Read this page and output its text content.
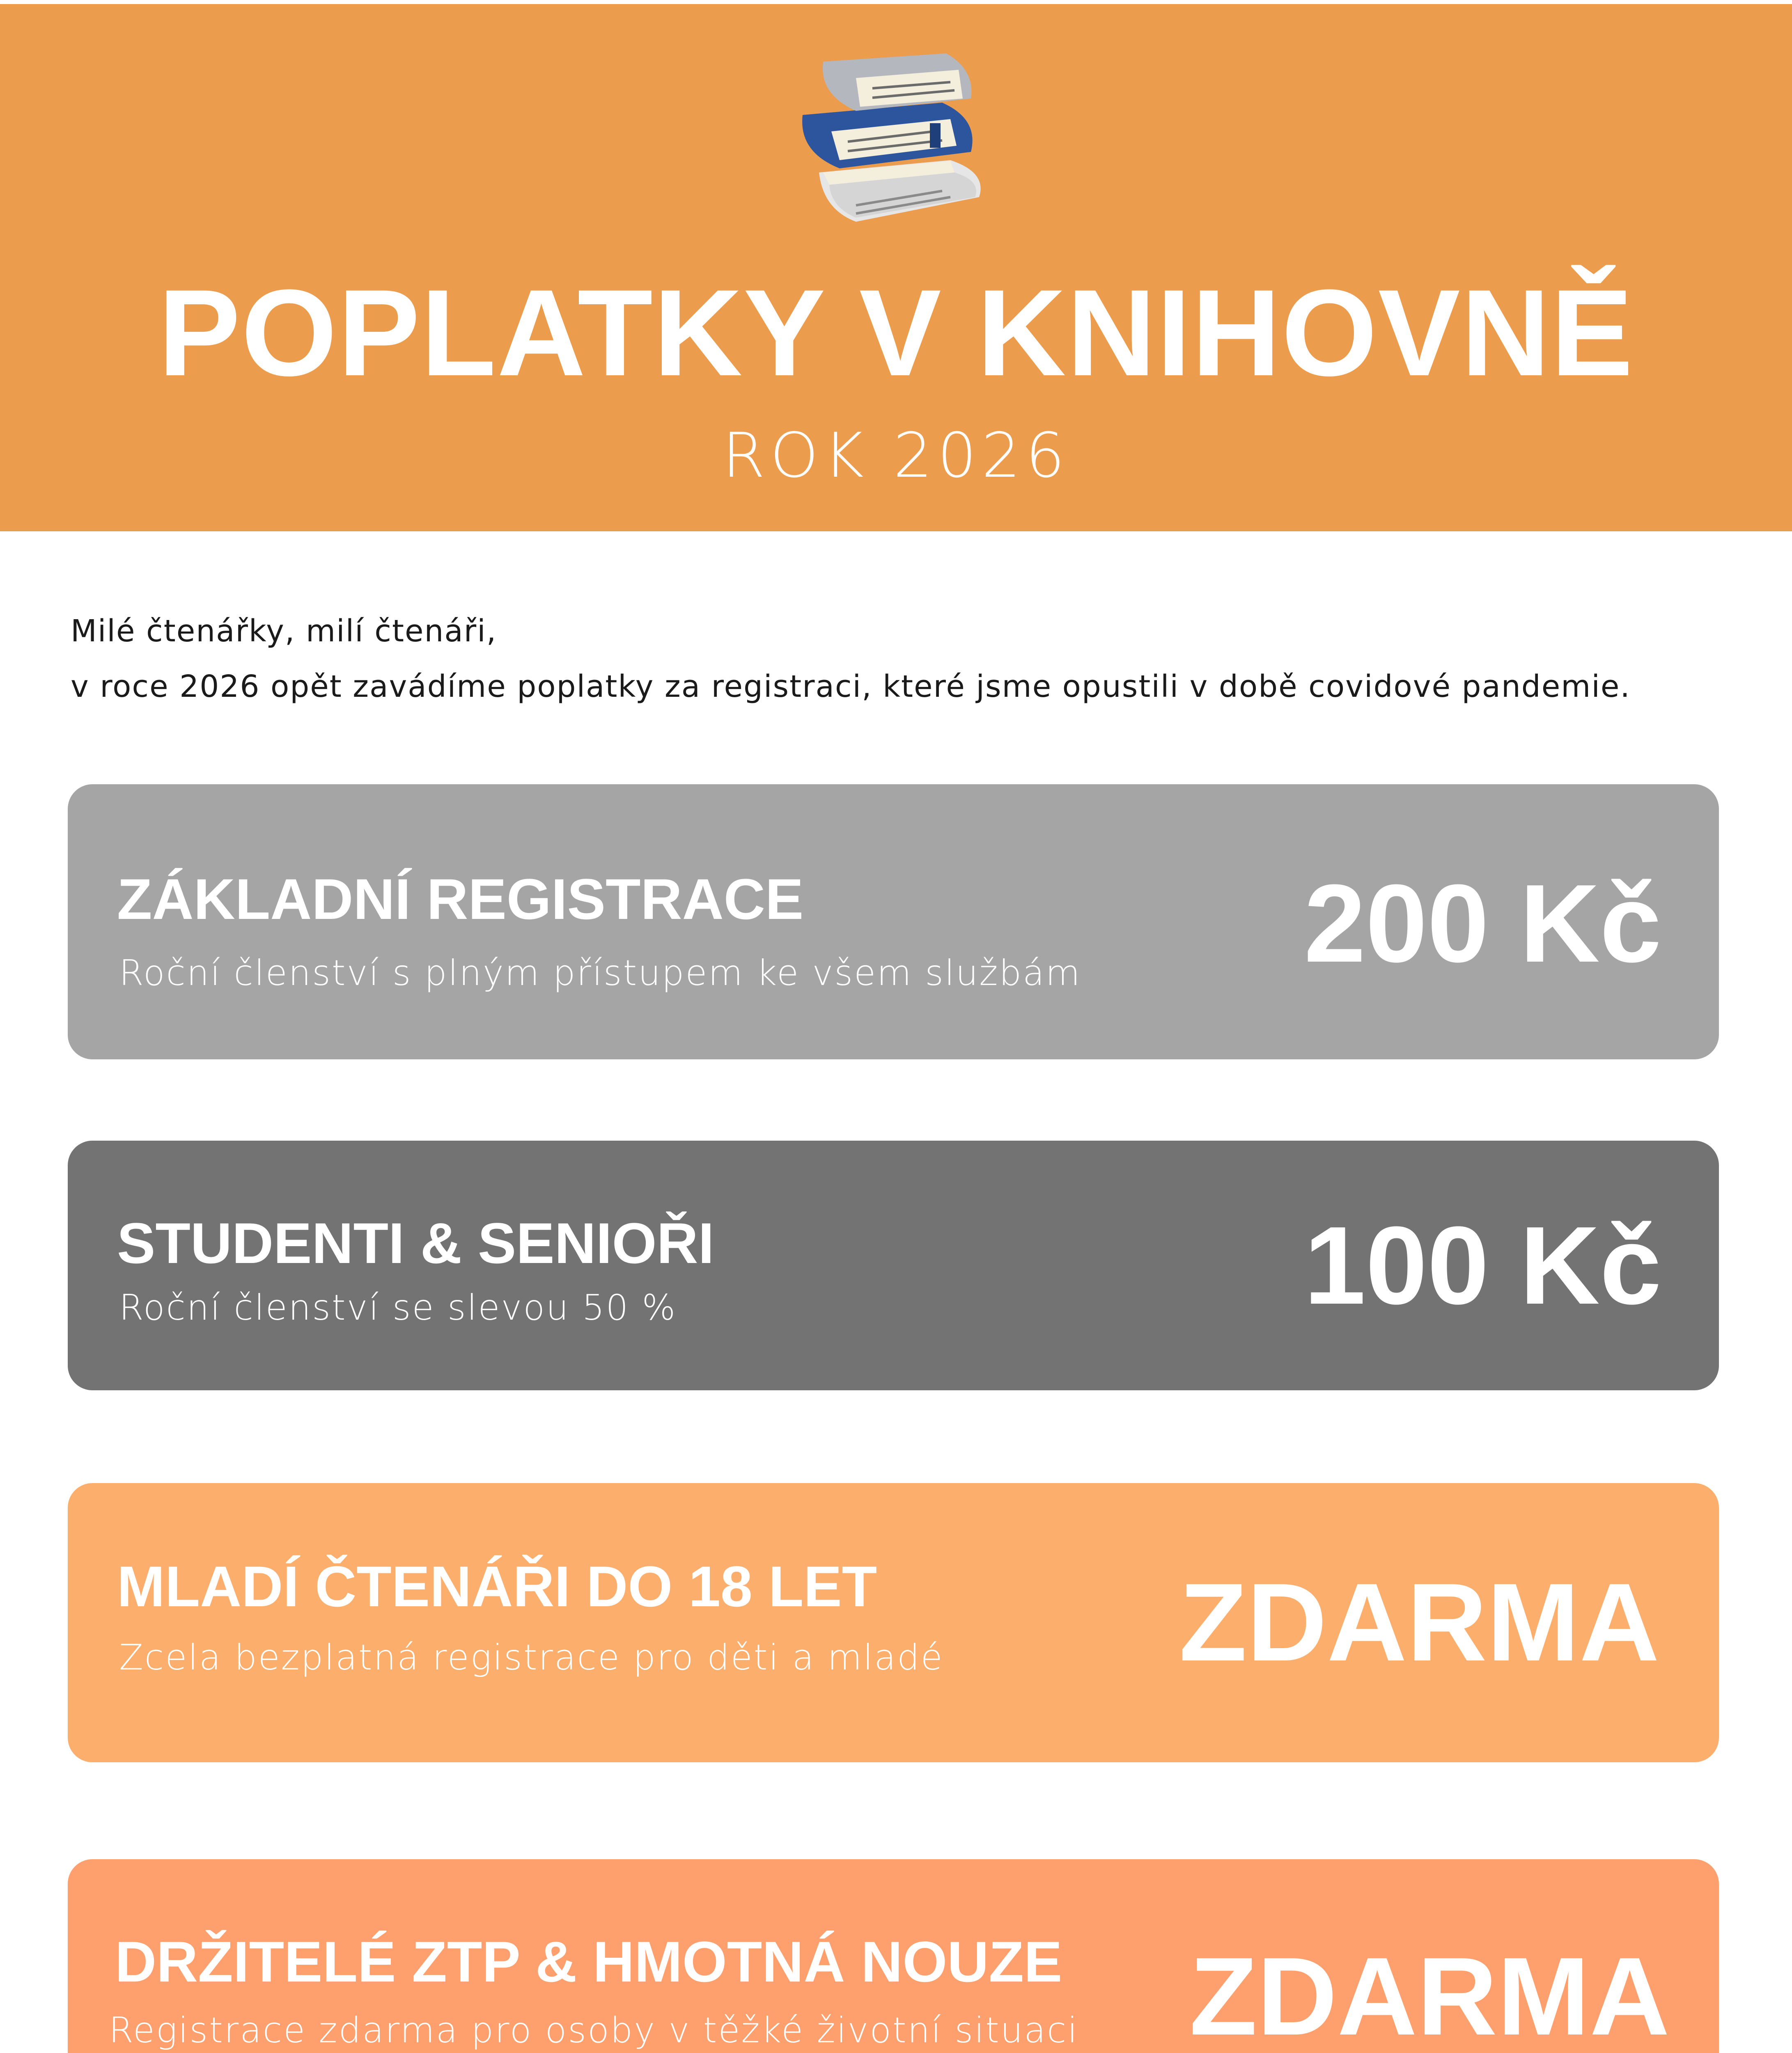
POPLATKY V KNIHOVNĚ
ROK 2026
Milé čtenářky, milí čtenáři,
v roce 2026 opět zavádíme poplatky za registraci, které jsme opustili v době covidové pandemie.
ZÁKLADNÍ REGISTRACE
Roční členství s plným přístupem ke všem službám 200 Kč
STUDENTI & SENIOŘI
Roční členství se slevou 50 %	100 Kč
MLADÍ ČTENÁŘI DO 18 LET
Zcela bezplatná registrace pro děti a mladé ZDARMA
DRŽITELÉ ZTP & HMOTNÁ NOUZE
Registrace zdarma pro osoby v těžké životní situaci ZDARMA
